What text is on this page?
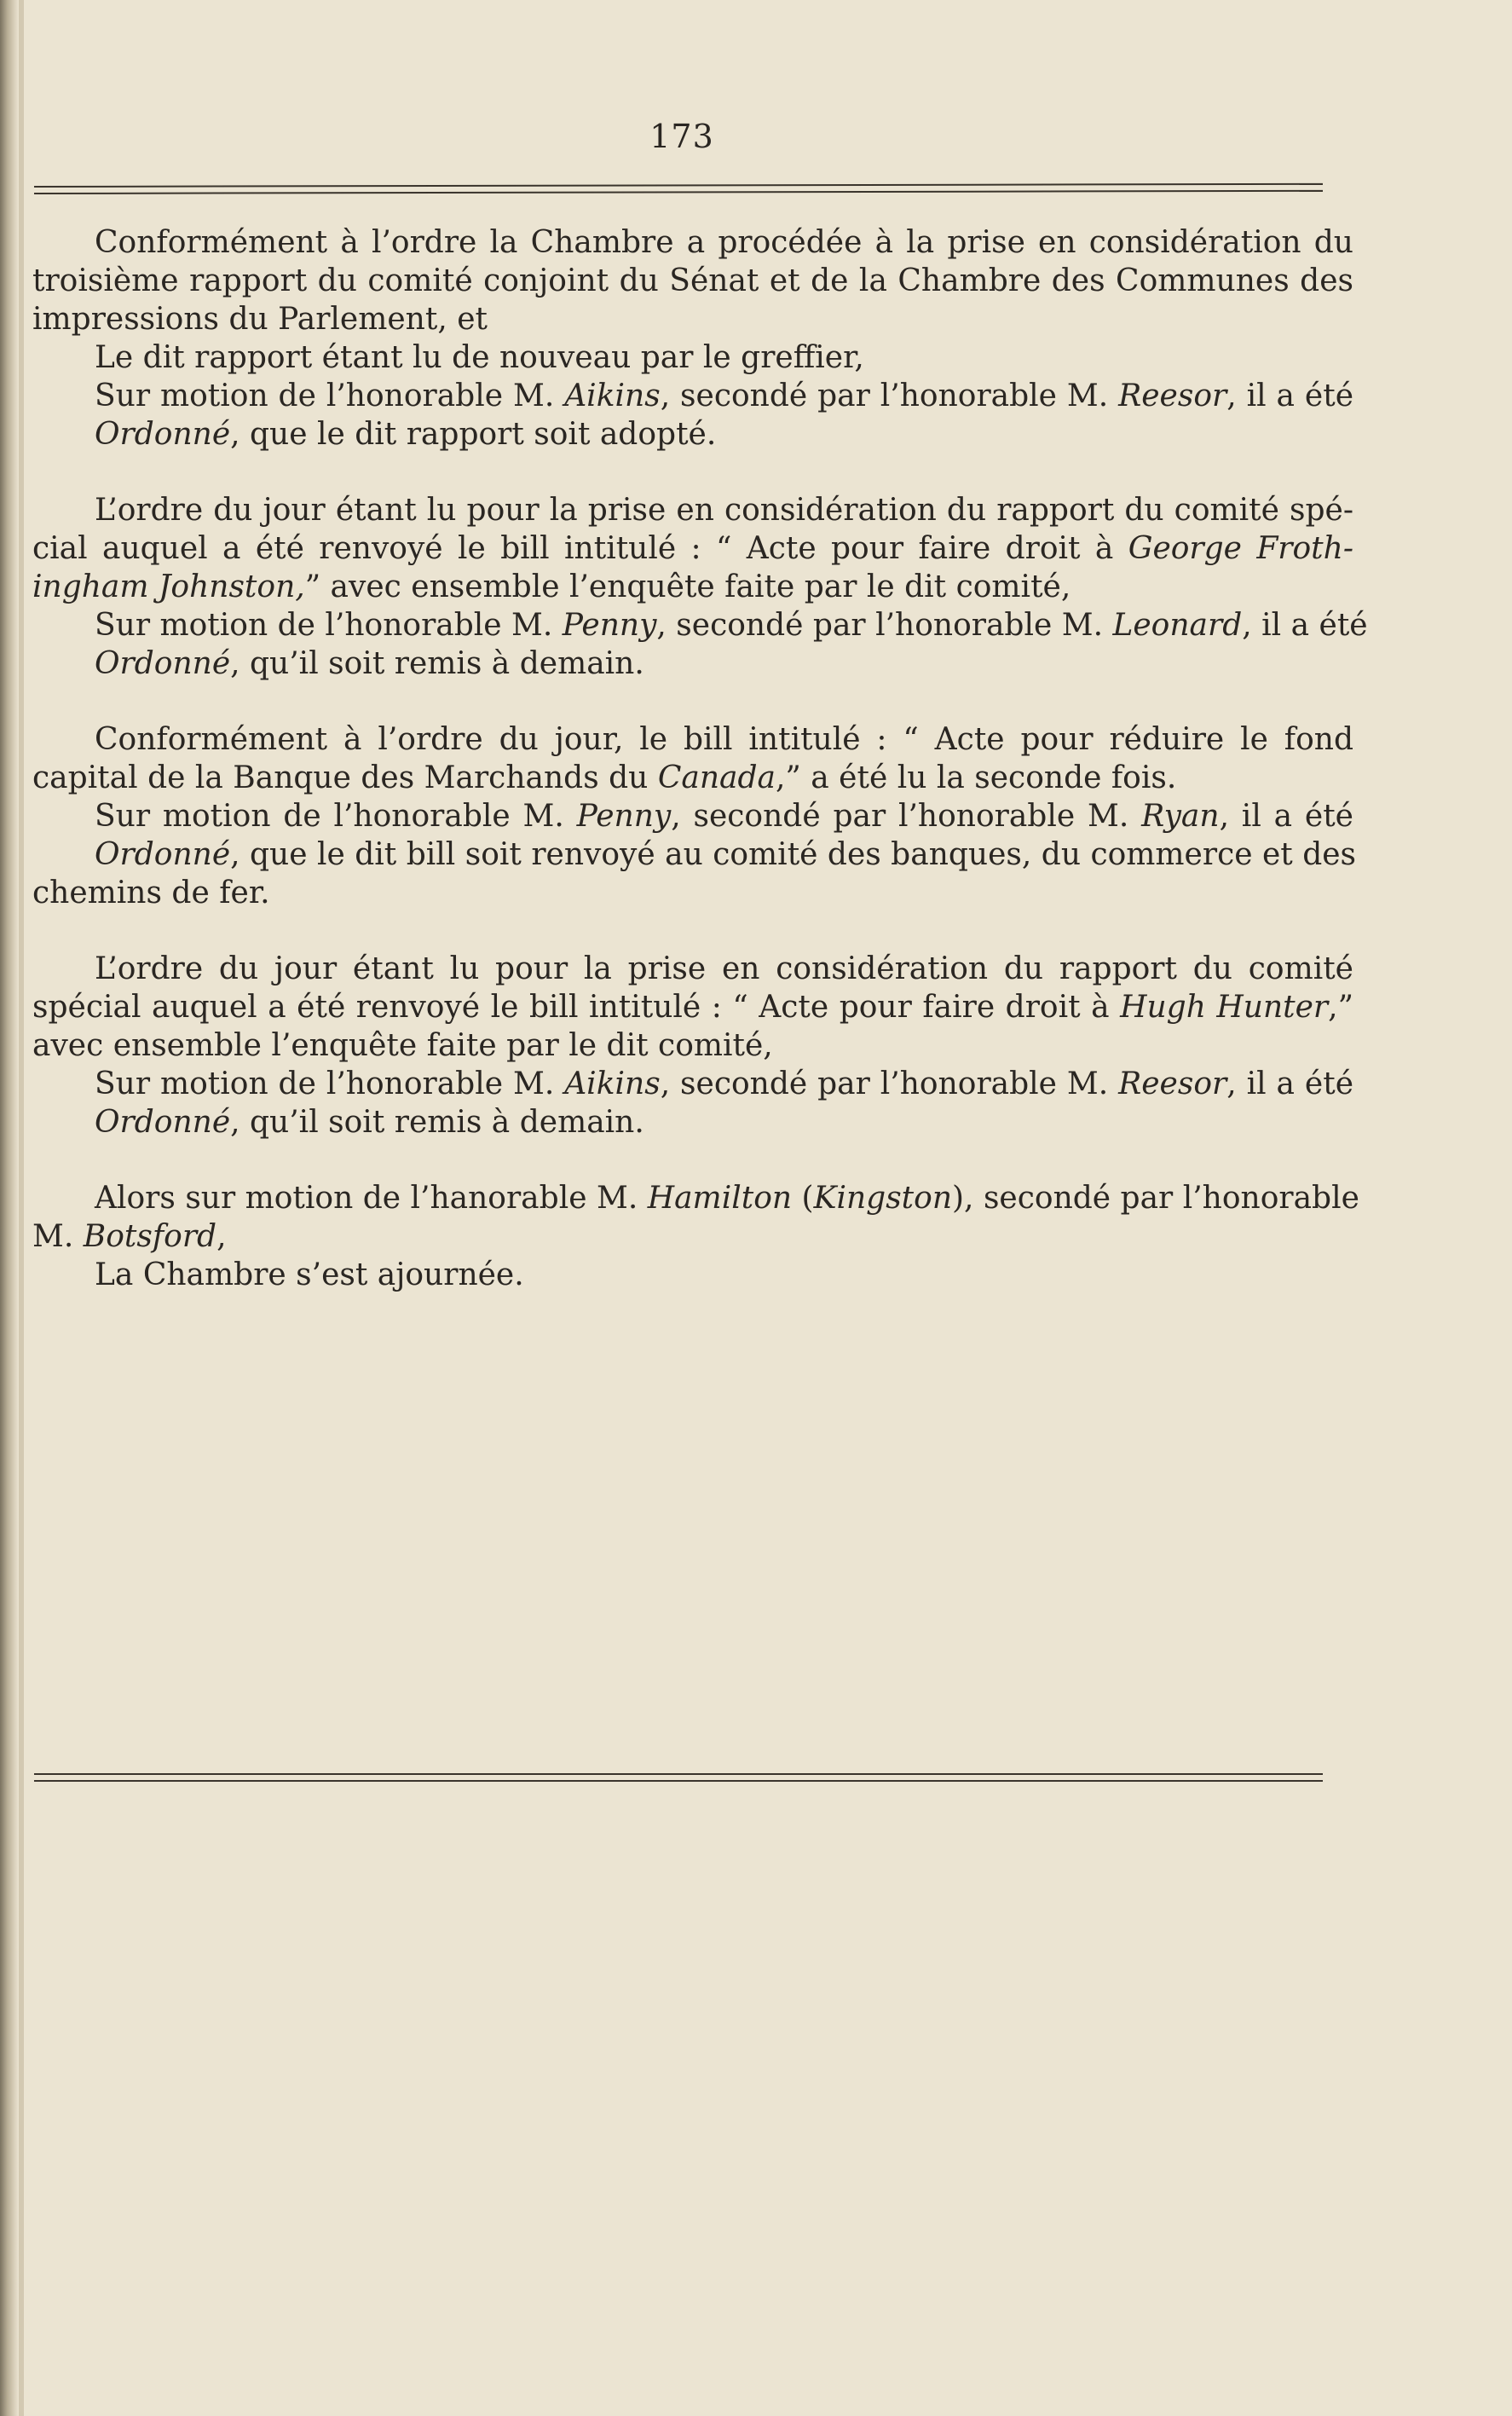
173
Conformément à l’ordre la Chambre a procédée à la prise en considération du
troisième rapport du comité conjoint du Sénat et de la Chambre des Communes des
impressions du Parlement, et
Le dit rapport étant lu de nouveau par le greffier,
Sur motion de l’honorable M. Aikins, secondé par l’honorable M. Reesor, il a été
Ordonné, que le dit rapport soit adopté.
L’ordre du jour étant lu pour la prise en considération du rapport du comité spé-
cial auquel a été renvoyé le bill intitulé : “ Acte pour faire droit à George Froth-
ingham Johnston,” avec ensemble l’enquête faite par le dit comité,
Sur motion de l’honorable M. Penny, secondé par l’honorable M. Leonard, il a été
Ordonné, qu’il soit remis à demain.
Conformément à l’ordre du jour, le bill intitulé : “ Acte pour réduire le fond
capital de la Banque des Marchands du Canada,” a été lu la seconde fois.
Sur motion de l’honorable M. Penny, secondé par l’honorable M. Ryan, il a été
Ordonné, que le dit bill soit renvoyé au comité des banques, du commerce et des
chemins de fer.
L’ordre du jour étant lu pour la prise en considération du rapport du comité
spécial auquel a été renvoyé le bill intitulé : “ Acte pour faire droit à Hugh Hunter,”
avec ensemble l’enquête faite par le dit comité,
Sur motion de l’honorable M. Aikins, secondé par l’honorable M. Reesor, il a été
Ordonné, qu’il soit remis à demain.
Alors sur motion de l’hanorable M. Hamilton (Kingston), secondé par l’honorable
M. Botsford,
La Chambre s’est ajournée.
